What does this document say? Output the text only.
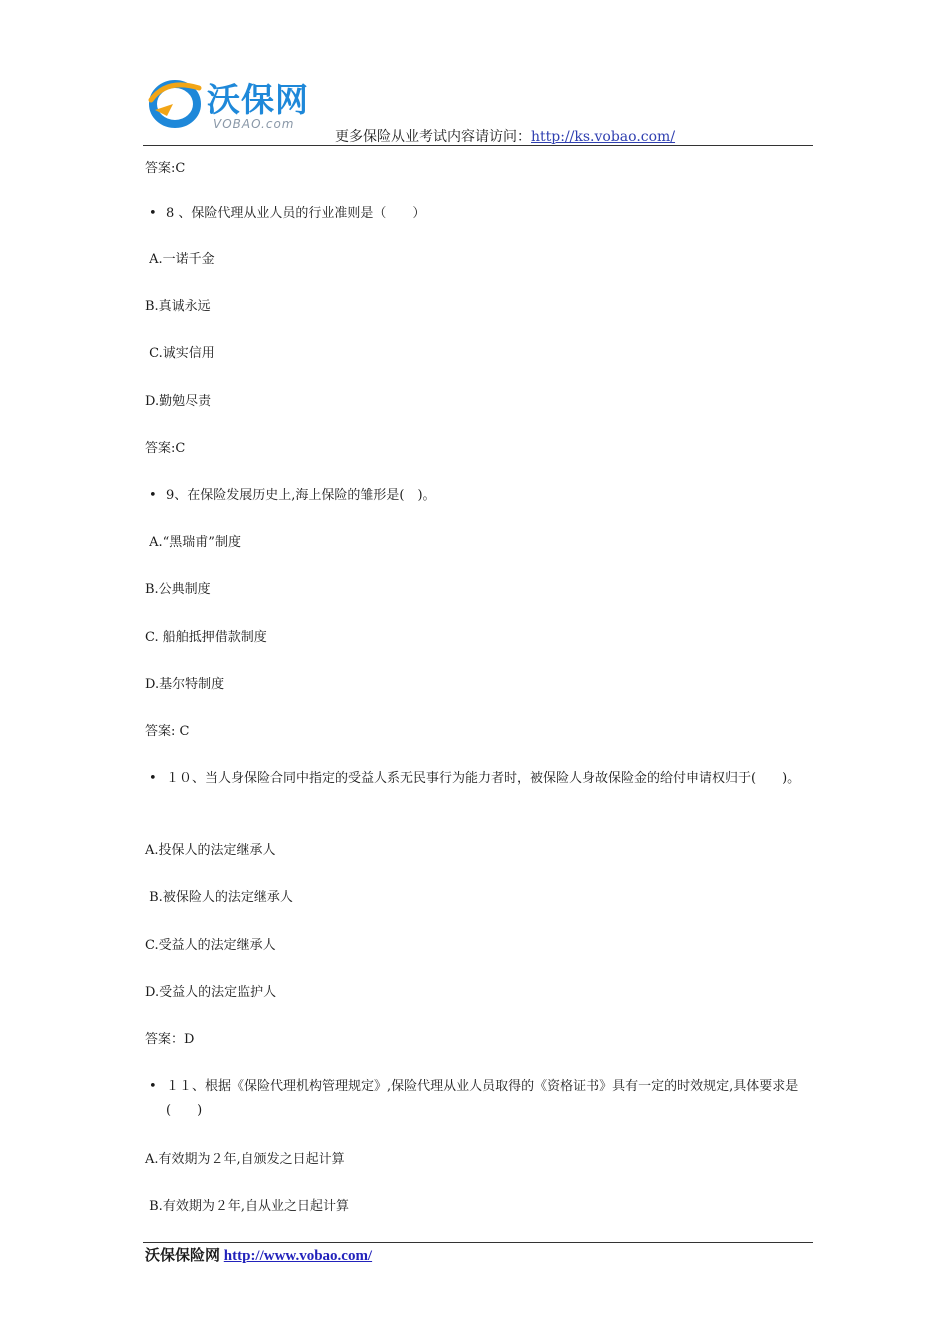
沃保网
VOBAO.com
更多保险从业考试内容请访问：http://ks.vobao.com/

答案:C

• 8 、保险代理从业人员的行业准则是（　　）

A.一诺千金

B.真诚永远

C.诚实信用

D.勤勉尽责

答案:C

• 9、在保险发展历史上,海上保险的雏形是(　)。

A.“黑瑞甫”制度

B.公典制度

C. 船舶抵押借款制度

D.基尔特制度

答案: C

• １０、当人身保险合同中指定的受益人系无民事行为能力者时，被保险人身故保险金的给付申请权归于(　　)。

A.投保人的法定继承人

B.被保险人的法定继承人

C.受益人的法定继承人

D.受益人的法定监护人

答案：D

• １１、根据《保险代理机构管理规定》,保险代理从业人员取得的《资格证书》具有一定的时效规定,具体要求是(　　)

A.有效期为２年,自颁发之日起计算

B.有效期为２年,自从业之日起计算

沃保保险网 http://www.vobao.com/
